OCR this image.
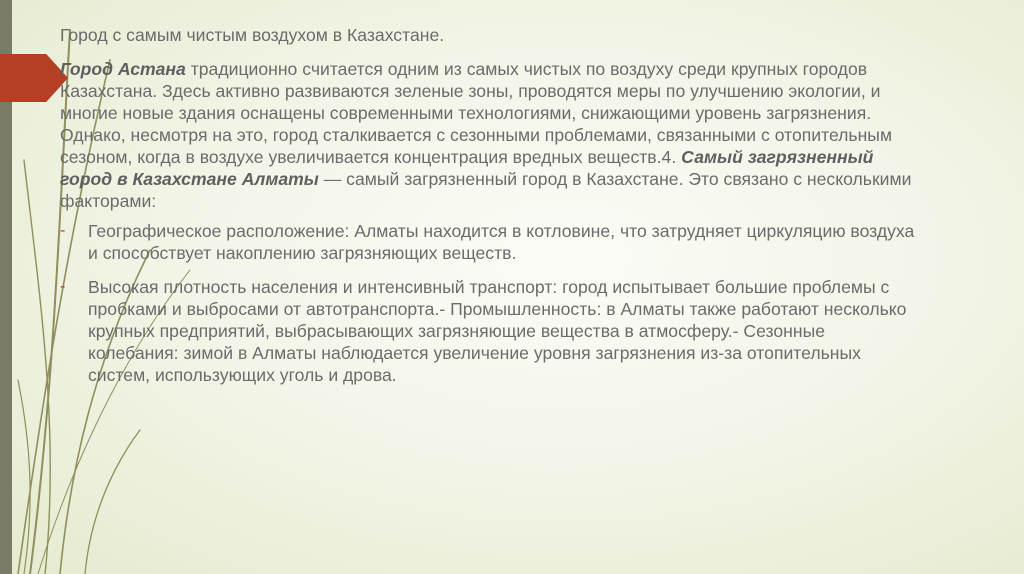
Город с самым чистым воздухом в Казахстане.

Город Астана традиционно считается одним из самых чистых по воздуху среди крупных городов Казахстана. Здесь активно развиваются зеленые зоны, проводятся меры по улучшению экологии, и многие новые здания оснащены современными технологиями, снижающими уровень загрязнения. Однако, несмотря на это, город сталкивается с сезонными проблемами, связанными с отопительным сезоном, когда в воздухе увеличивается концентрация вредных веществ.4. Самый загрязненный город в Казахстане Алматы — самый загрязненный город в Казахстане. Это связано с несколькими факторами:

- Географическое расположение: Алматы находится в котловине, что затрудняет циркуляцию воздуха и способствует накоплению загрязняющих веществ.
- Высокая плотность населения и интенсивный транспорт: город испытывает большие проблемы с пробками и выбросами от автотранспорта.- Промышленность: в Алматы также работают несколько крупных предприятий, выбрасывающих загрязняющие вещества в атмосферу.- Сезонные колебания: зимой в Алматы наблюдается увеличение уровня загрязнения из-за отопительных систем, использующих уголь и дрова.
